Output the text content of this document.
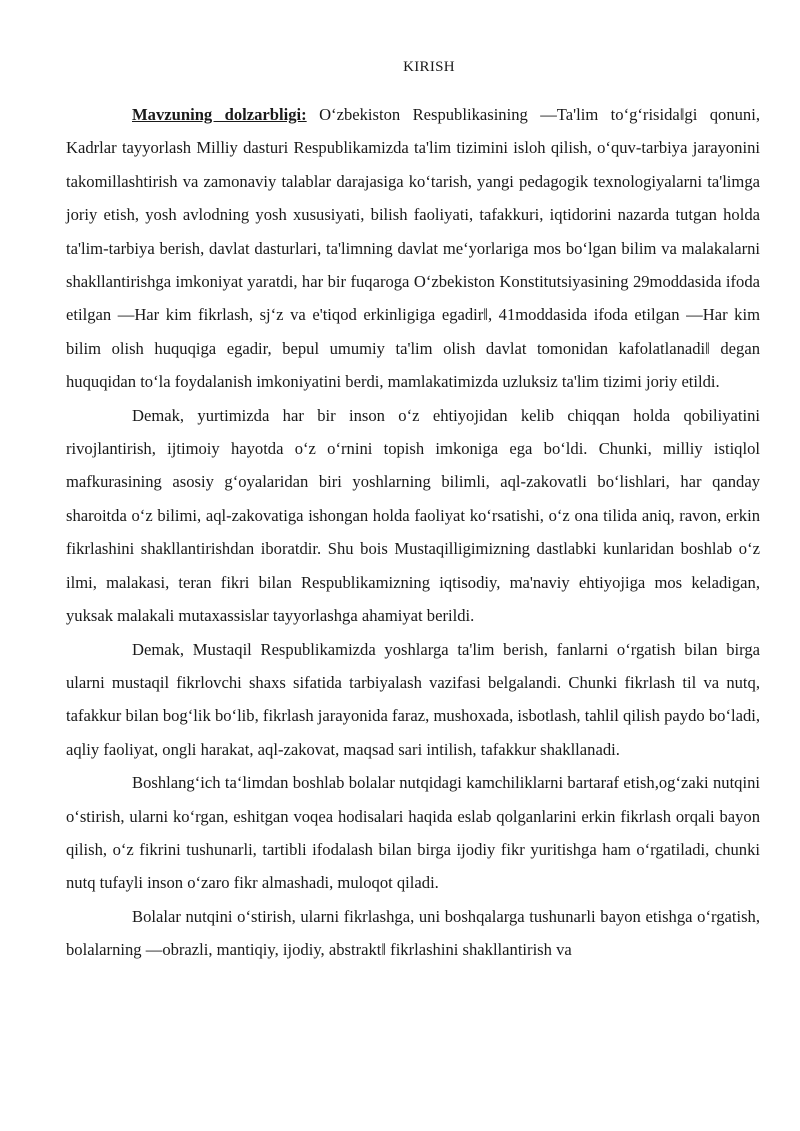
KIRISH

Mavzuning dolzarbligi: O‘zbekiston Respublikasining ―Ta'lim to‘g‘risida‖gi qonuni, Kadrlar tayyorlash Milliy dasturi Respublikamizda ta'lim tizimini isloh qilish, o‘quv-tarbiya jarayonini takomillashtirish va zamonaviy talablar darajasiga ko‘tarish, yangi pedagogik texnologiyalarni ta'limga joriy etish, yosh avlodning yosh xususiyati, bilish faoliyati, tafakkuri, iqtidorini nazarda tutgan holda ta'lim-tarbiya berish, davlat dasturlari, ta'limning davlat me‘yorlariga mos bo‘lgan bilim va malakalarni shakllantirishga imkoniyat yaratdi, har bir fuqaroga O‘zbekiston Konstitutsiyasining 29moddasida ifoda etilgan ―Har kim fikrlash, sj‘z va e'tiqod erkinligiga egadir‖, 41moddasida ifoda etilgan ―Har kim bilim olish huquqiga egadir, bepul umumiy ta'lim olish davlat tomonidan kafolatlanadi‖ degan huquqidan to‘la foydalanish imkoniyatini berdi, mamlakatimizda uzluksiz ta'lim tizimi joriy etildi.

Demak, yurtimizda har bir inson o‘z ehtiyojidan kelib chiqqan holda qobiliyatini rivojlantirish, ijtimoiy hayotda o‘z o‘rnini topish imkoniga ega bo‘ldi. Chunki, milliy istiqlol mafkurasining asosiy g‘oyalaridan biri yoshlarning bilimli, aql-zakovatli bo‘lishlari, har qanday sharoitda o‘z bilimi, aql-zakovatiga ishongan holda faoliyat ko‘rsatishi, o‘z ona tilida aniq, ravon, erkin fikrlashini shakllantirishdan iboratdir. Shu bois Mustaqilligimizning dastlabki kunlaridan boshlab o‘z ilmi, malakasi, teran fikri bilan Respublikamizning iqtisodiy, ma'naviy ehtiyojiga mos keladigan, yuksak malakali mutaxassislar tayyorlashga ahamiyat berildi.

Demak, Mustaqil Respublikamizda yoshlarga ta'lim berish, fanlarni o‘rgatish bilan birga ularni mustaqil fikrlovchi shaxs sifatida tarbiyalash vazifasi belgalandi. Chunki fikrlash til va nutq, tafakkur bilan bog‘lik bo‘lib, fikrlash jarayonida faraz, mushoxada, isbotlash, tahlil qilish paydo bo‘ladi, aqliy faoliyat, ongli harakat, aql-zakovat, maqsad sari intilish, tafakkur shakllanadi.

Boshlang‘ich ta‘limdan boshlab bolalar nutqidagi kamchiliklarni bartaraf etish,og‘zaki nutqini o‘stirish, ularni ko‘rgan, eshitgan voqea hodisalari haqida eslab qolganlarini erkin fikrlash orqali bayon qilish, o‘z fikrini tushunarli, tartibli ifodalash bilan birga ijodiy fikr yuritishga ham o‘rgatiladi, chunki nutq tufayli inson o‘zaro fikr almashadi, muloqot qiladi.

Bolalar nutqini o‘stirish, ularni fikrlashga, uni boshqalarga tushunarli bayon etishga o‘rgatish, bolalarning ―obrazli, mantiqiy, ijodiy, abstrakt‖ fikrlashini shakllantirish va
